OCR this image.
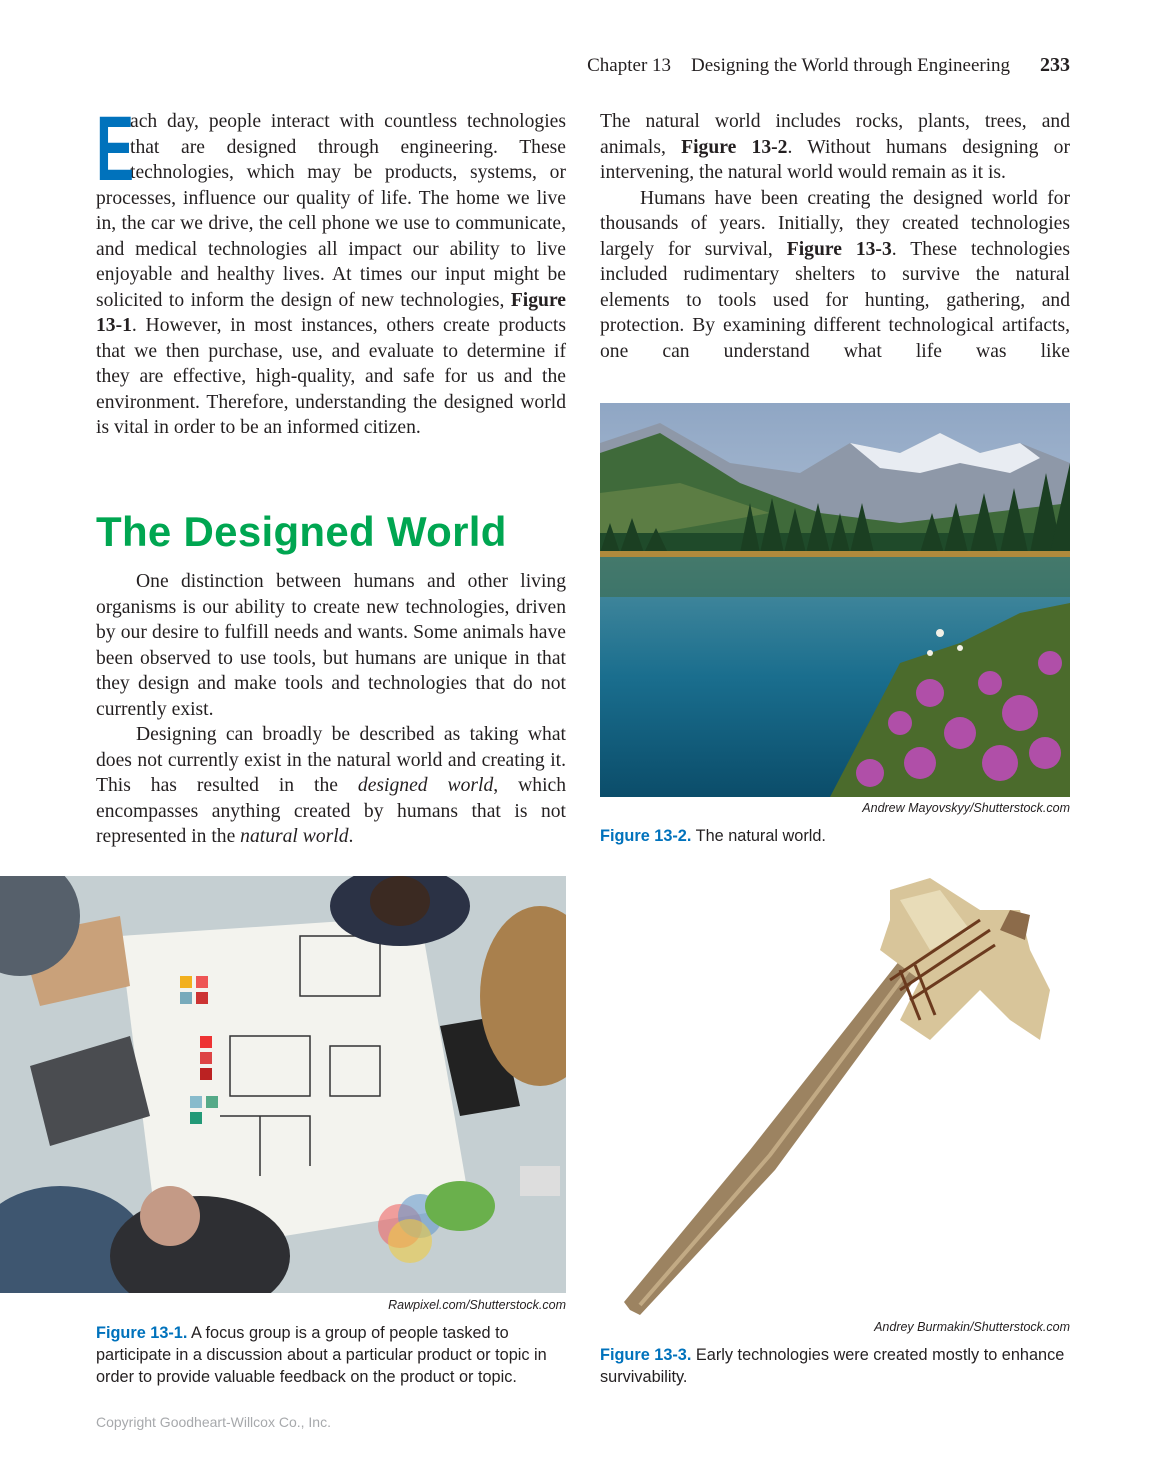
Chapter 13 Designing the World through Engineering 233

E
ach day, people interact with countless technologies that are designed through engineering. These technologies, which may be products, systems, or processes, influence our quality of life. The home we live in, the car we drive, the cell phone we use to communicate, and medical technologies all impact our ability to live enjoyable and healthy lives. At times our input might be solicited to inform the design of new technologies, Figure 13-1. However, in most instances, others create products that we then purchase, use, and evaluate to determine if they are effective, high-quality, and safe for us and the environment. Therefore, understanding the designed world is vital in order to be an informed citizen.

The Designed World

One distinction between humans and other living organisms is our ability to create new technologies, driven by our desire to fulfill needs and wants. Some animals have been observed to use tools, but humans are unique in that they design and make tools and technologies that do not currently exist.

Designing can broadly be described as taking what does not currently exist in the natural world and creating it. This has resulted in the designed world, which encompasses anything created by humans that is not represented in the natural world.

The natural world includes rocks, plants, trees, and animals, Figure 13-2. Without humans designing or intervening, the natural world would remain as it is.

Humans have been creating the designed world for thousands of years. Initially, they created technologies largely for survival, Figure 13-3. These technologies included rudimentary shelters to survive the natural elements to tools used for hunting, gathering, and protection. By examining different technological artifacts, one can understand what life was like

Andrew Mayovskyy/Shutterstock.com
Figure 13-2. The natural world.
Rawpixel.com/Shutterstock.com
Figure 13-1. A focus group is a group of people tasked to participate in a discussion about a particular product or topic in order to provide valuable feedback on the product or topic.
Andrey Burmakin/Shutterstock.com
Figure 13-3. Early technologies were created mostly to enhance survivability.
Copyright Goodheart-Willcox Co., Inc.
